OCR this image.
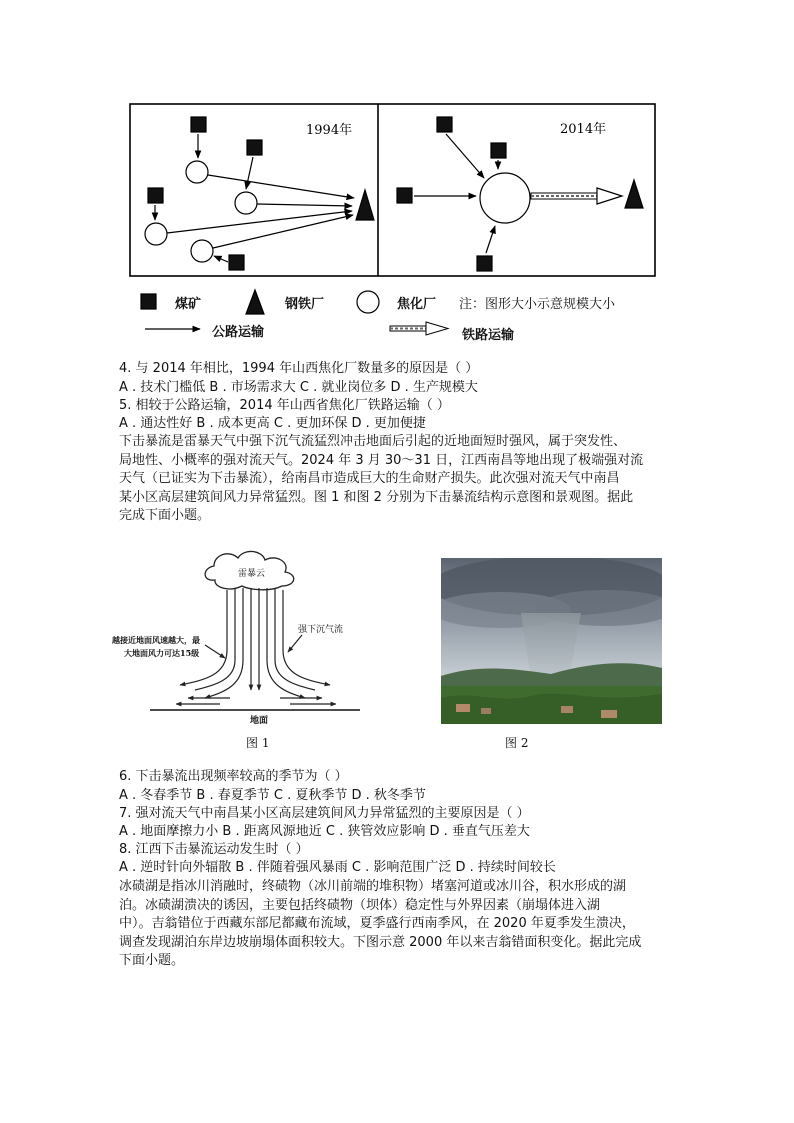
1994年	2014年
煤矿	钢铁厂	焦化厂 注：图形大小示意规模大小
公路运输	铁路运输
4. 与 2014 年相比，1994 年山西焦化厂数量多的原因是（ ）
A . 技术门槛低 B . 市场需求大 C . 就业岗位多 D . 生产规模大
5. 相较于公路运输，2014 年山西省焦化厂铁路运输（ ）
A . 通达性好 B . 成本更高 C . 更加环保 D . 更加便捷
下击暴流是雷暴天气中强下沉气流猛烈冲击地面后引起的近地面短时强风，属于突发性、
局地性、小概率的强对流天气。2024 年 3 月 30～31 日，江西南昌等地出现了极端强对流
天气（已证实为下击暴流），给南昌市造成巨大的生命财产损失。此次强对流天气中南昌
某小区高层建筑间风力异常猛烈。图 1 和图 2 分别为下击暴流结构示意图和景观图。据此
完成下面小题。
雷暴云
强下沉气流
越接近地面风速越大，最
大地面风力可达15级
地面
图 1	图 2
6. 下击暴流出现频率较高的季节为（ ）
A . 冬春季节 B . 春夏季节 C . 夏秋季节 D . 秋冬季节
7. 强对流天气中南昌某小区高层建筑间风力异常猛烈的主要原因是（ ）
A . 地面摩擦力小 B . 距离风源地近 C . 狭管效应影响 D . 垂直气压差大
8. 江西下击暴流运动发生时（ ）
A . 逆时针向外辐散 B . 伴随着强风暴雨 C . 影响范围广泛 D . 持续时间较长
冰碛湖是指冰川消融时，终碛物（冰川前端的堆积物）堵塞河道或冰川谷，积水形成的湖
泊。冰碛湖溃决的诱因，主要包括终碛物（坝体）稳定性与外界因素（崩塌体进入湖
中）。吉翁错位于西藏东部尼都藏布流域，夏季盛行西南季风，在 2020 年夏季发生溃决，
调查发现湖泊东岸边坡崩塌体面积较大。下图示意 2000 年以来吉翁错面积变化。据此完成
下面小题。
